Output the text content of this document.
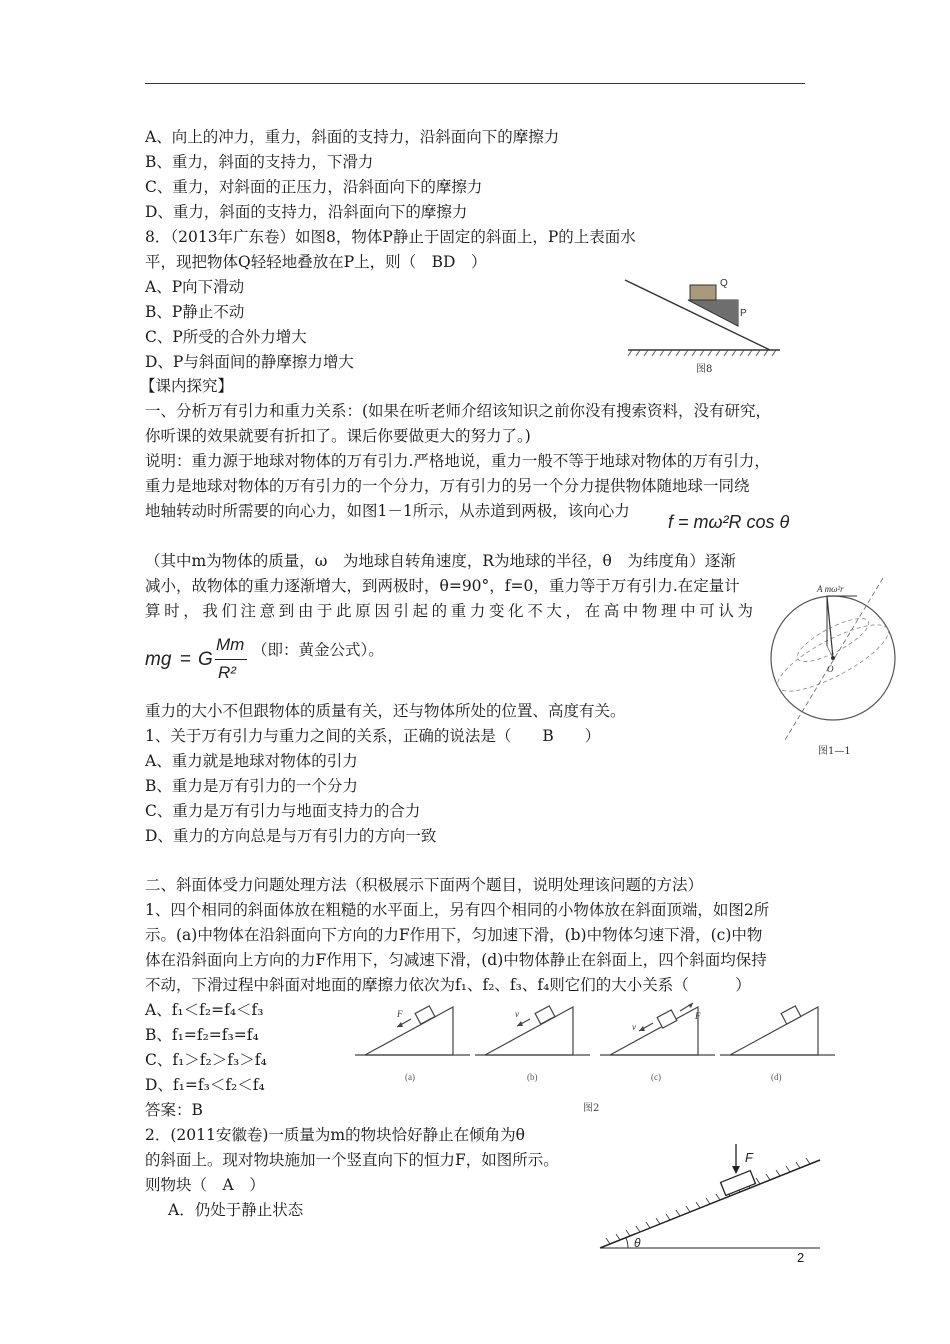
A、向上的冲力，重力，斜面的支持力，沿斜面向下的摩擦力
B、重力，斜面的支持力，下滑力
C、重力，对斜面的正压力，沿斜面向下的摩擦力
D、重力，斜面的支持力，沿斜面向下的摩擦力
8．（2013年广东卷）如图8，物体P静止于固定的斜面上，P的上表面水
平，现把物体Q轻轻地叠放在P上，则（　BD　）
A、P向下滑动
B、P静止不动
C、P所受的合外力增大
D、P与斜面间的静摩擦力增大
Q
P
图8
【课内探究】
一、分析万有引力和重力关系：(如果在听老师介绍该知识之前你没有搜索资料，没有研究，
你听课的效果就要有折扣了。课后你要做更大的努力了。)
说明：重力源于地球对物体的万有引力.严格地说，重力一般不等于地球对物体的万有引力，
重力是地球对物体的万有引力的一个分力，万有引力的另一个分力提供物体随地球一同绕
地轴转动时所需要的向心力，如图1－1所示，从赤道到两极，该向心力
f = mω²R cos θ
（其中m为物体的质量，ω　为地球自转角速度，R为地球的半径，θ　为纬度角）逐渐
减小，故物体的重力逐渐增大，到两极时，θ=90°，f=0，重力等于万有引力.在定量计
算时，我们注意到由于此原因引起的重力变化不大，在高中物理中可认为
mg = G
Mm
R²
（即：黄金公式）。
重力的大小不但跟物体的质量有关，还与物体所处的位置、高度有关。
A mω²r
O
图1—1
1、关于万有引力与重力之间的关系，正确的说法是（　　B　　）
A、重力就是地球对物体的引力
B、重力是万有引力的一个分力
C、重力是万有引力与地面支持力的合力
D、重力的方向总是与万有引力的方向一致
二、斜面体受力问题处理方法（积极展示下面两个题目，说明处理该问题的方法）
1、四个相同的斜面体放在粗糙的水平面上，另有四个相同的小物体放在斜面顶端，如图2所
示。(a)中物体在沿斜面向下方向的力F作用下，匀加速下滑，(b)中物体匀速下滑，(c)中物
体在沿斜面向上方向的力F作用下，匀减速下滑，(d)中物体静止在斜面上，四个斜面均保持
不动，下滑过程中斜面对地面的摩擦力依次为f₁、f₂、f₃、f₄则它们的大小关系（　　　）
A、f₁＜f₂=f₄＜f₃
B、f₁=f₂=f₃=f₄
C、f₁＞f₂＞f₃＞f₄
D、f₁=f₃＜f₂＜f₄
答案：B
F	v
v
F
(a)	(b)	(c)	(d)
图2
2．(2011安徽卷)一质量为m的物块恰好静止在倾角为θ
的斜面上。现对物块施加一个竖直向下的恒力F，如图所示。
则物块（　A　）
A．仍处于静止状态
F
θ
2
